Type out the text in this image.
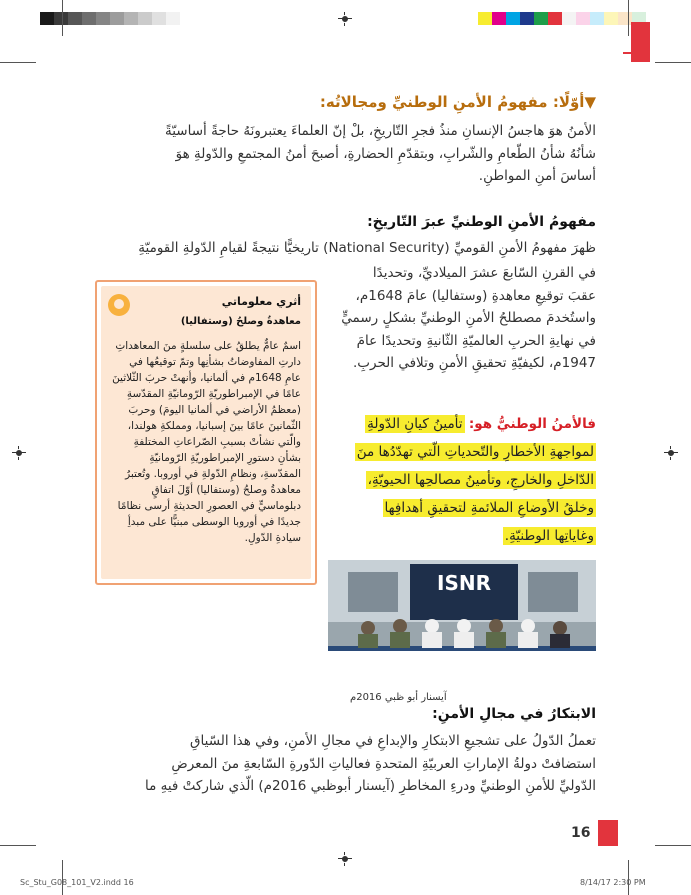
▼أوّلًا: مفهومُ الأمنِ الوطنيِّ ومجالاتُه:
الأمنُ هوَ هاجسُ الإنسانِ منذُ فجرِ التّاريخِ، بلْ إنّ العلماءَ يعتبرونَهُ حاجةً أساسيّةً
شأنُهُ شأنُ الطّعامِ والشّرابِ، وبتقدّمِ الحضارةِ، أصبحَ أمنُ المجتمعِ والدّولةِ هوَ
أساسَ أمنِ المواطنِ.
مفهومُ الأمنِ الوطنيِّ عبرَ التّاريخِ:
ظهرَ مفهومُ الأمنِ القوميِّ (National Security) تاريخيًّا نتيجةً لقيامِ الدّولةِ القوميّةِ
في القرنِ السّابعَ عشرَ الميلاديِّ، وتحديدًا
عقبَ توقيعِ معاهدةِ (وستفاليا) عامَ 1648م،
واستُخدمَ مصطلحُ الأمنِ الوطنيِّ بشكلٍ رسميٍّ
في نهايةِ الحربِ العالميّةِ الثّانيةِ وتحديدًا عامَ
1947م، لكيفيّةِ تحقيقِ الأمنِ وتلافي الحربِ.
فالأمنُ الوطنيُّ هو: تأمينُ كيانِ الدّولةِ
لمواجهةِ الأخطارِ والتّحدياتِ الّتي تهدّدُها منَ
الدّاخلِ والخارجِ، وتأمينُ مصالحِها الحيويّةِ،
وخلقُ الأوضاعِ الملائمةِ لتحقيقِ أهدافِها
وغاياتِها الوطنيّةِ.
أثري معلوماتي
معاهدةُ وصلحُ (وستفاليا)
اسمٌ عامٌّ يطلقُ على سلسلةٍ منَ المعاهداتِ دارتِ المفاوضاتُ بشأنِها وتمّ توقيعُها في عامِ 1648م في ألمانيا، وأنهتْ حربَ الثّلاثينَ عامًا في الإمبراطوريّةِ الرّومانيّةِ المقدّسةِ (معظمُ الأراضي في ألمانيا اليومَ) وحربَ الثّمانينَ عامًا بينَ إسبانيا، ومملكةِ هولندا، والّتي نشأتْ بسببِ الصّراعاتِ المختلفةِ بشأنِ دستورِ الإمبراطوريّةِ الرّومانيّةِ المقدّسةِ، ونظامِ الدّولةِ في أوروبا. وتُعتبرُ معاهدةُ وصلحُ (وستفاليا) أوّلَ اتفاقٍ دبلوماسيٍّ في العصورِ الحديثةِ أرسى نظامًا جديدًا في أوروبا الوسطى مبنيًّا على مبدأِ سيادةِ الدّولِ.
ISNR
آيسنار أبو ظبي 2016م
الابتكارُ في مجالِ الأمنِ:
تعملُ الدّولُ على تشجيعِ الابتكارِ والإبداعِ في مجالِ الأمنِ، وفي هذا السّياقِ
استضافتْ دولةُ الإماراتِ العربيّةِ المتحدةِ فعالياتِ الدّورةِ السّابعةِ منَ المعرضِ
الدّوليِّ للأمنِ الوطنيِّ ودرءِ المخاطرِ (آيسنار أبوظبي 2016م) الّذي شاركتْ فيهِ ما
16
Sc_Stu_G08_101_V2.indd 16	8/14/17 2:30 PM
